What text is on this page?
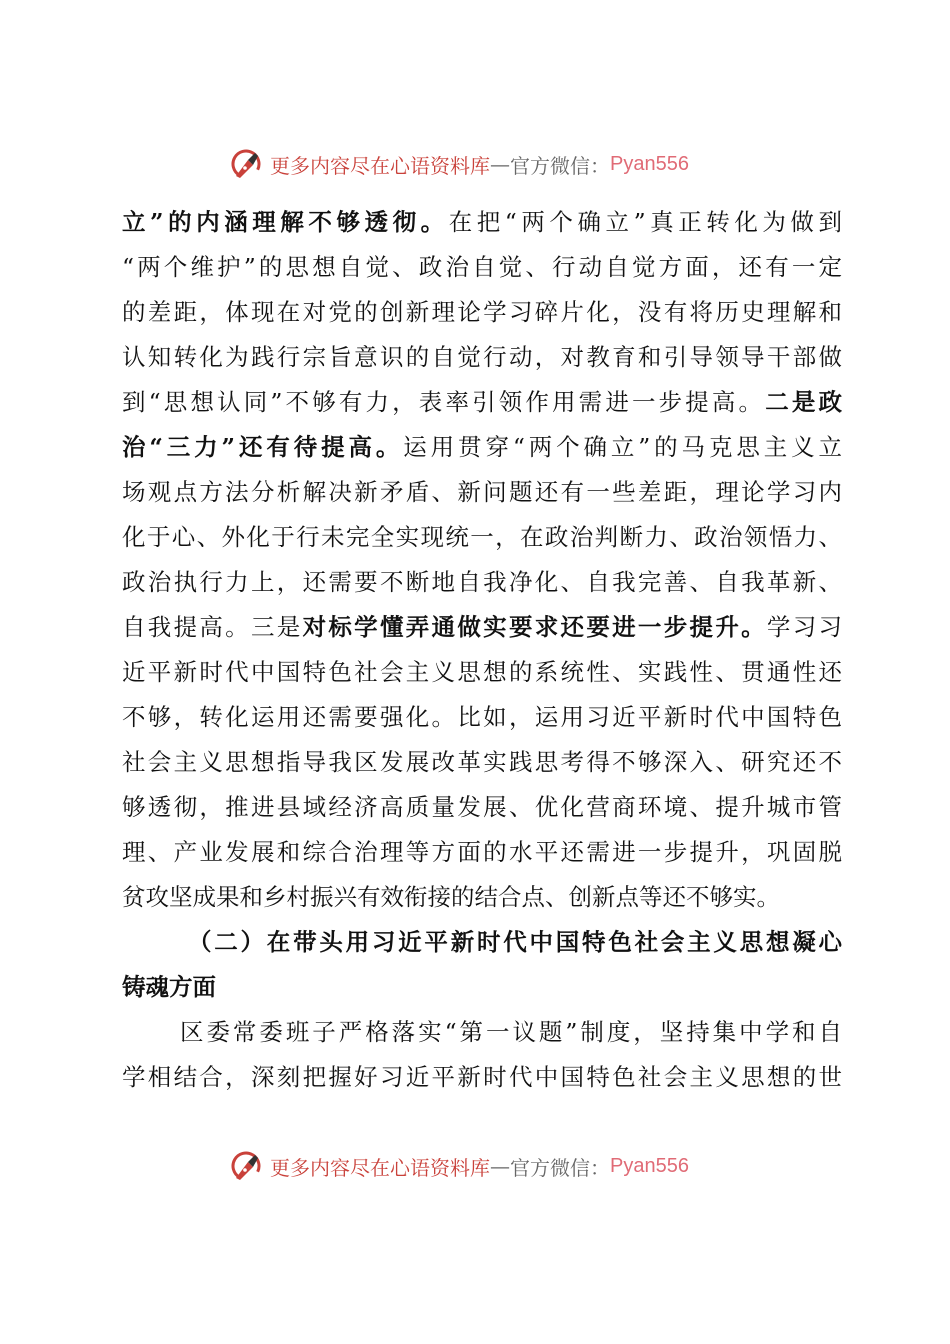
更多内容尽在心语资料库 — 官方微信： Pyan556
立”的内涵理解不够透彻。在把“两个确立”真正转化为做到
“两个维护”的思想自觉、政治自觉、行动自觉方面，还有一定
的差距，体现在对党的创新理论学习碎片化，没有将历史理解和
认知转化为践行宗旨意识的自觉行动，对教育和引导领导干部做
到“思想认同”不够有力，表率引领作用需进一步提高。二是政
治“三力”还有待提高。运用贯穿“两个确立”的马克思主义立
场观点方法分析解决新矛盾、新问题还有一些差距，理论学习内
化于心、外化于行未完全实现统一，在政治判断力、政治领悟力、
政治执行力上，还需要不断地自我净化、自我完善、自我革新、
自我提高。三是对标学懂弄通做实要求还要进一步提升。学习习
近平新时代中国特色社会主义思想的系统性、实践性、贯通性还
不够，转化运用还需要强化。比如，运用习近平新时代中国特色
社会主义思想指导我区发展改革实践思考得不够深入、研究还不
够透彻，推进县域经济高质量发展、优化营商环境、提升城市管
理、产业发展和综合治理等方面的水平还需进一步提升，巩固脱
贫攻坚成果和乡村振兴有效衔接的结合点、创新点等还不够实。
（二）在带头用习近平新时代中国特色社会主义思想凝心
铸魂方面
区委常委班子严格落实“第一议题”制度，坚持集中学和自
学相结合，深刻把握好习近平新时代中国特色社会主义思想的世
更多内容尽在心语资料库 — 官方微信： Pyan556
